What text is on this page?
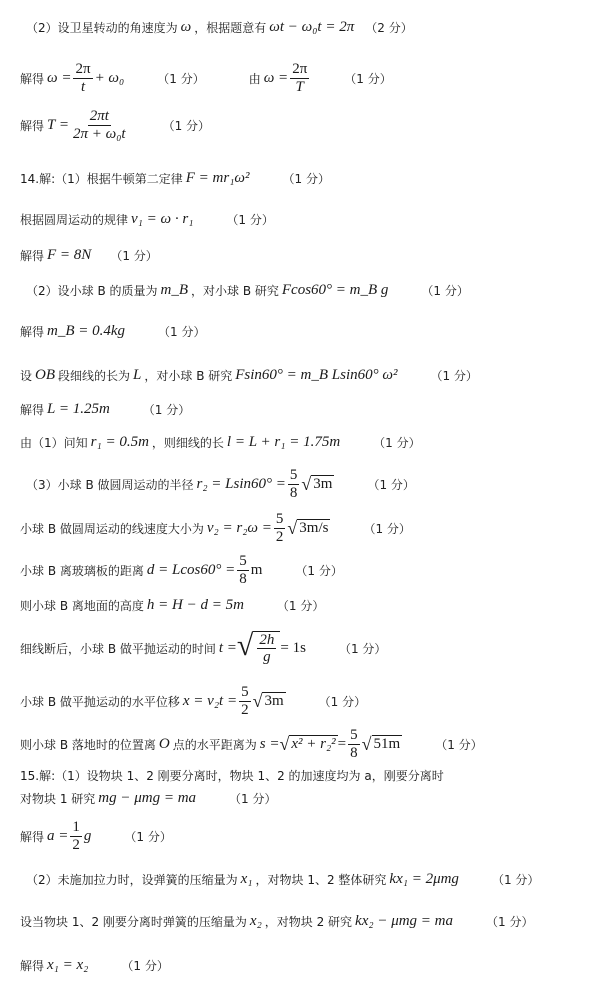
（2）设卫星转动的角速度为 ω ，根据题意有 ωt − ω₀t = 2π （2 分）
解得 $\omega = \frac{2\pi}{t} + \omega_0$	（1 分）	由 $\omega = \frac{2\pi}{T}$	（1 分）
解得 $T = \frac{2\pi t}{\text{2π + ω₀t}}$	（1 分）
14.解:（1）根据牛顿第二定律 F = mr₁ω²	（1 分）
根据圆周运动的规律 v₁ = ω · r₁	（1 分）
解得 F = 8N （1 分）
（2）设小球 B 的质量为 m_B ，对小球 B 研究 Fcos60° = m_B g	（1 分）
解得 m_B = 0.4kg	（1 分）
设 OB 段细线的长为 L ，对小球 B 研究 Fsin60° = m_B Lsin60° ω²	（1 分）
解得 L = 1.25m	（1 分）
由（1）问知 r₁ = 0.5m ，则细线的长 l = L + r₁ = 1.75m	（1 分）
（3）小球 B 做圆周运动的半径 $r_2 = Lsin60^\circ = \frac{5}{8}$ √ 3m	（1 分）
小球 B 做圆周运动的线速度大小为 $v_2 = r_2\omega = \frac{5}{2}$ √ 3m/s	（1 分）
小球 B 离玻璃板的距离 $d = Lcos60^\circ = \frac{5}{8}$ m	（1 分）
则小球 B 离地面的高度 h = H − d = 5m	（1 分）
细线断后，小球 B 做平抛运动的时间 t = √ $\frac{2h}{g} = 1s$	（1 分）
小球 B 做平抛运动的水平位移 $x = v_2t = \frac{5}{2}$ √ 3m	（1 分）
则小球 B 落地时的位置离 O 点的水平距离为 s = √ $x^2 + r_2^2 = \frac{5}{8}$ √ 51m	（1 分）
15.解:（1）设物块 1、2 刚要分离时，物块 1、2 的加速度均为 a，刚要分离时
对物块 1 研究 mg − μmg = ma	（1 分）
解得 $a = \frac{1}{2}$ g	（1 分）
（2）未施加拉力时，设弹簧的压缩量为 x₁ ，对物块 1、2 整体研究 kx₁ = 2μmg	（1 分）
设当物块 1、2 刚要分离时弹簧的压缩量为 x₂ ，对物块 2 研究 kx₂ − μmg = ma	（1 分）
解得 x₁ = x₂	（1 分）
